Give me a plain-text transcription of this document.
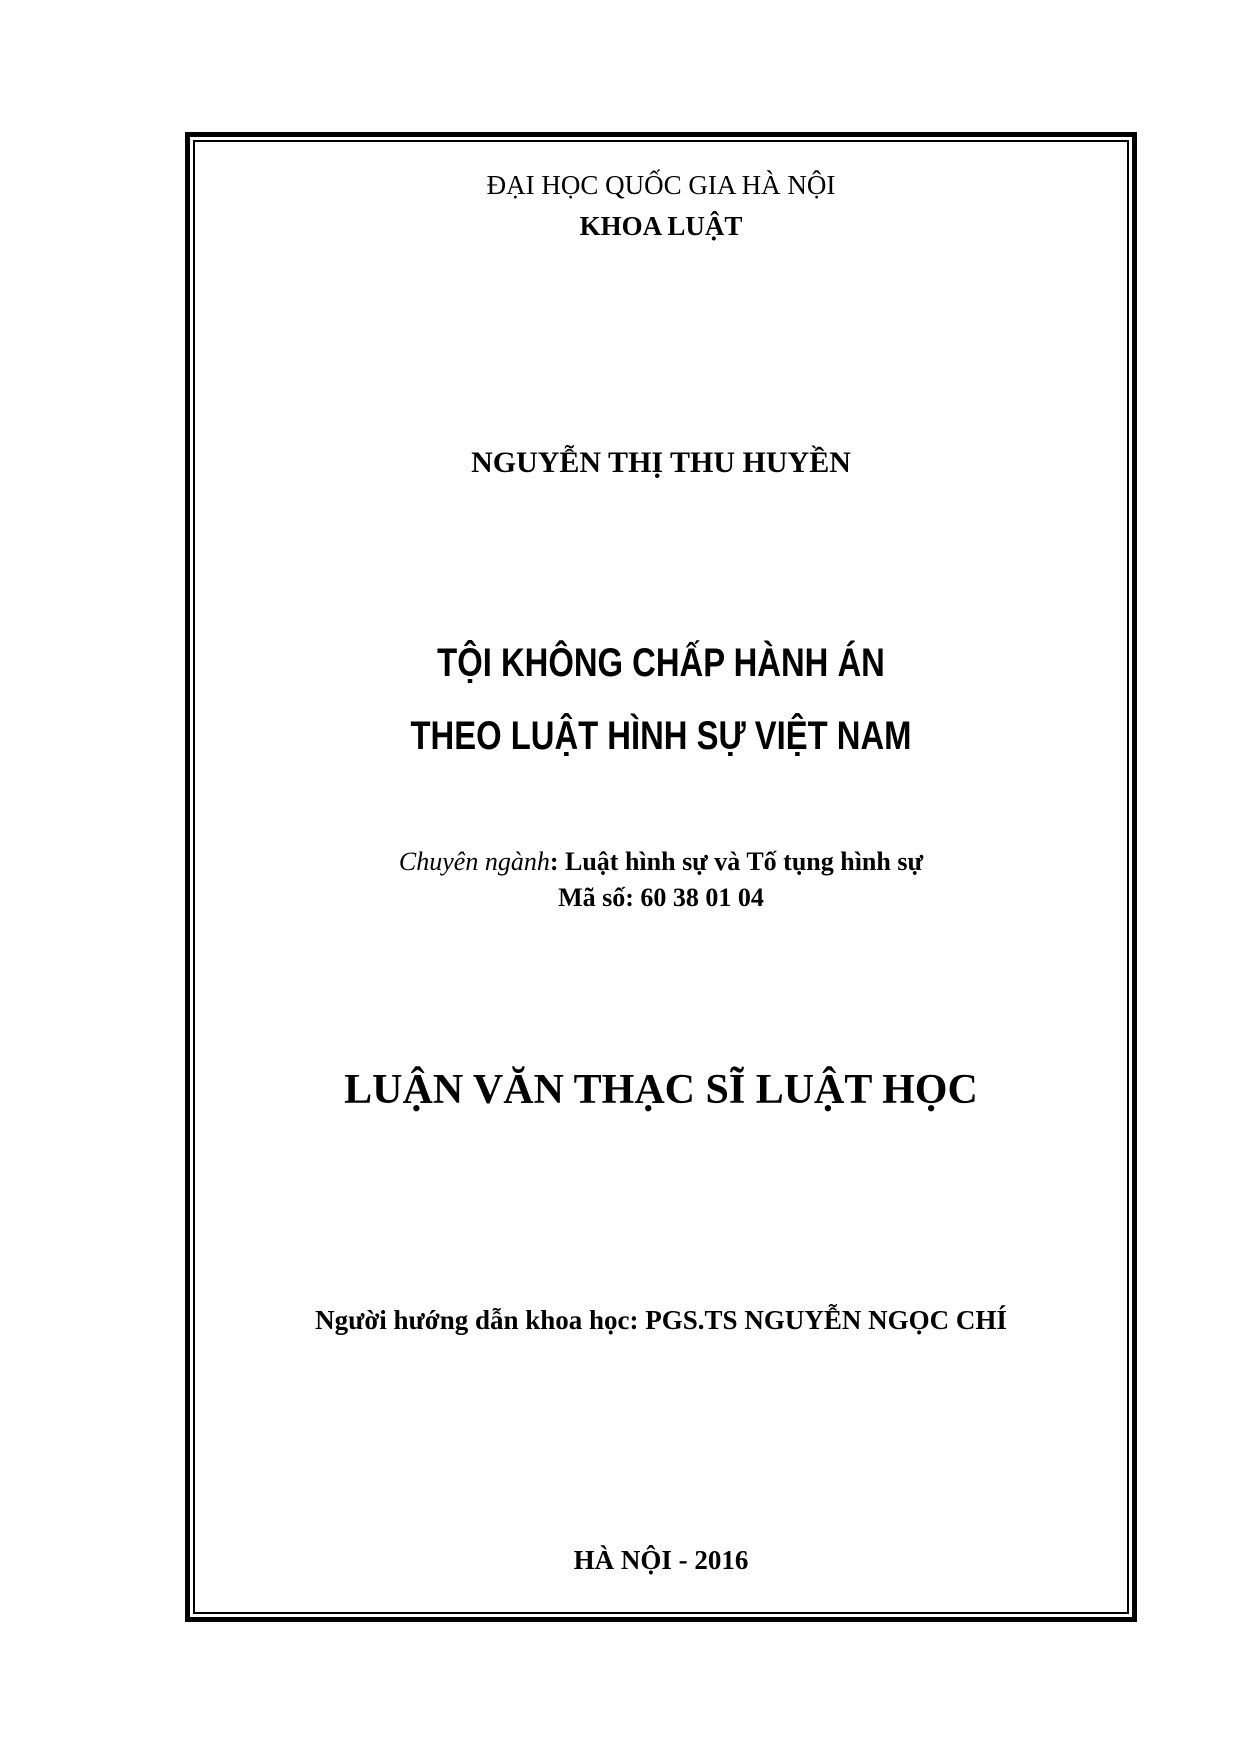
ĐẠI HỌC QUỐC GIA HÀ NỘI
KHOA LUẬT
NGUYỄN THỊ THU HUYỀN
TỘI KHÔNG CHẤP HÀNH ÁN
THEO LUẬT HÌNH SỰ VIỆT NAM
Chuyên ngành: Luật hình sự và Tố tụng hình sự
Mã số: 60 38 01 04
LUẬN VĂN THẠC SĨ LUẬT HỌC
Người hướng dẫn khoa học: PGS.TS NGUYỄN NGỌC CHÍ
HÀ NỘI - 2016
